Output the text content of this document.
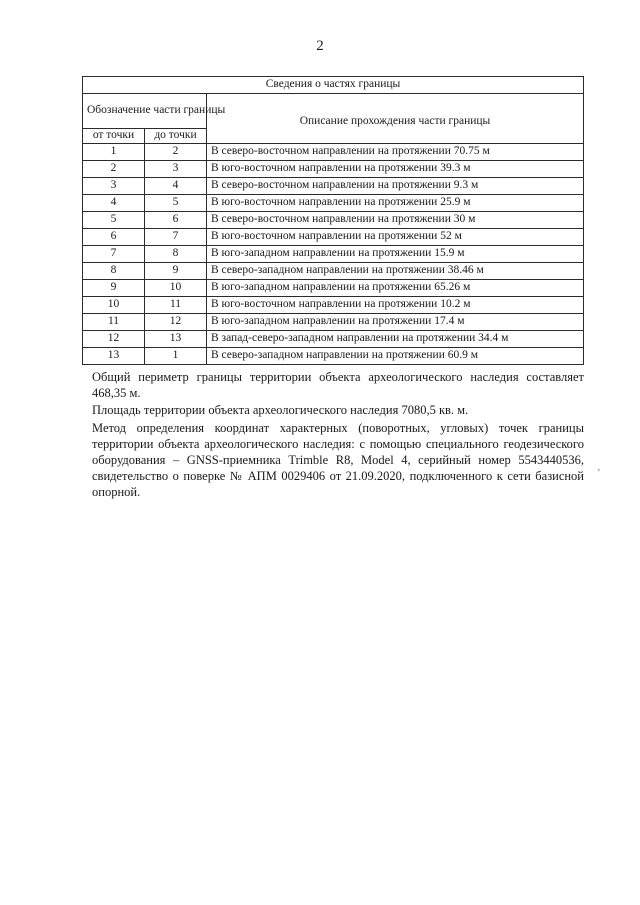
2
Сведения о частях границы		
Обозначение части границы		Описание прохождения части границы
от точки	до точки	
1	2	В северо-восточном направлении на протяжении 70.75 м
2	3	В юго-восточном направлении на протяжении 39.3 м
3	4	В северо-восточном направлении на протяжении 9.3 м
4	5	В юго-восточном направлении на протяжении 25.9 м
5	6	В северо-восточном направлении на протяжении 30 м
6	7	В юго-восточном направлении на протяжении 52 м
7	8	В юго-западном направлении на протяжении 15.9 м
8	9	В северо-западном направлении на протяжении 38.46 м
9	10	В юго-западном направлении на протяжении 65.26 м
10	11	В юго-восточном направлении на протяжении 10.2 м
11	12	В юго-западном направлении на протяжении 17.4 м
12	13	В запад-северо-западном направлении на протяжении 34.4 м
13	1	В северо-западном направлении на протяжении 60.9 м
Общий периметр границы территории объекта археологического наследия составляет 468,35 м.
Площадь территории объекта археологического наследия 7080,5 кв. м.
Метод определения координат характерных (поворотных, угловых) точек границы территории объекта археологического наследия: с помощью специального геодезического оборудования – GNSS-приемника Trimble R8, Model 4, серийный номер 5543440536, свидетельство о поверке № АПМ 0029406 от 21.09.2020, подключенного к сети базисной опорной.
'
